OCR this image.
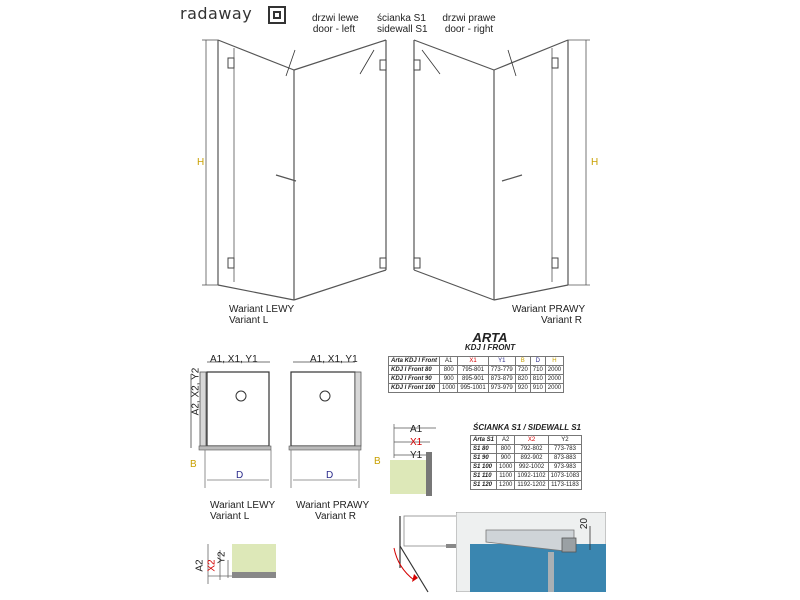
radaway	drzwi lewe
door - left
ścianka S1
sidewall S1
drzwi prawe
door - right
H	H
Wariant LEWY
Variant L
Wariant PRAWY
Variant R
A1, X1, Y1
A2, X2, Y2
D
B
Wariant LEWY
Variant L
A1, X1, Y1
D
Wariant PRAWY
Variant R
A1
X1
Y1
B
A2 X2
Y2
20
ARTA
KDJ I FRONT
Arta KDJ I Front	A1	X1	Y1	B	D	H
KDJ I Front 80	800	795-801	773-779	720	710	2000
KDJ I Front 90	900	895-901	873-879	820	810	2000
KDJ I Front 100	1000	995-1001	973-979	920	910	2000
ŚCIANKA S1 / SIDEWALL S1
Arta S1	A2	X2	Y2
S1 80	800	792-802	773-783
S1 90	900	892-902	873-883
S1 100	1000	992-1002	973-983
S1 110	1100	1092-1102	1073-1083
S1 120	1200	1192-1202	1173-1183
